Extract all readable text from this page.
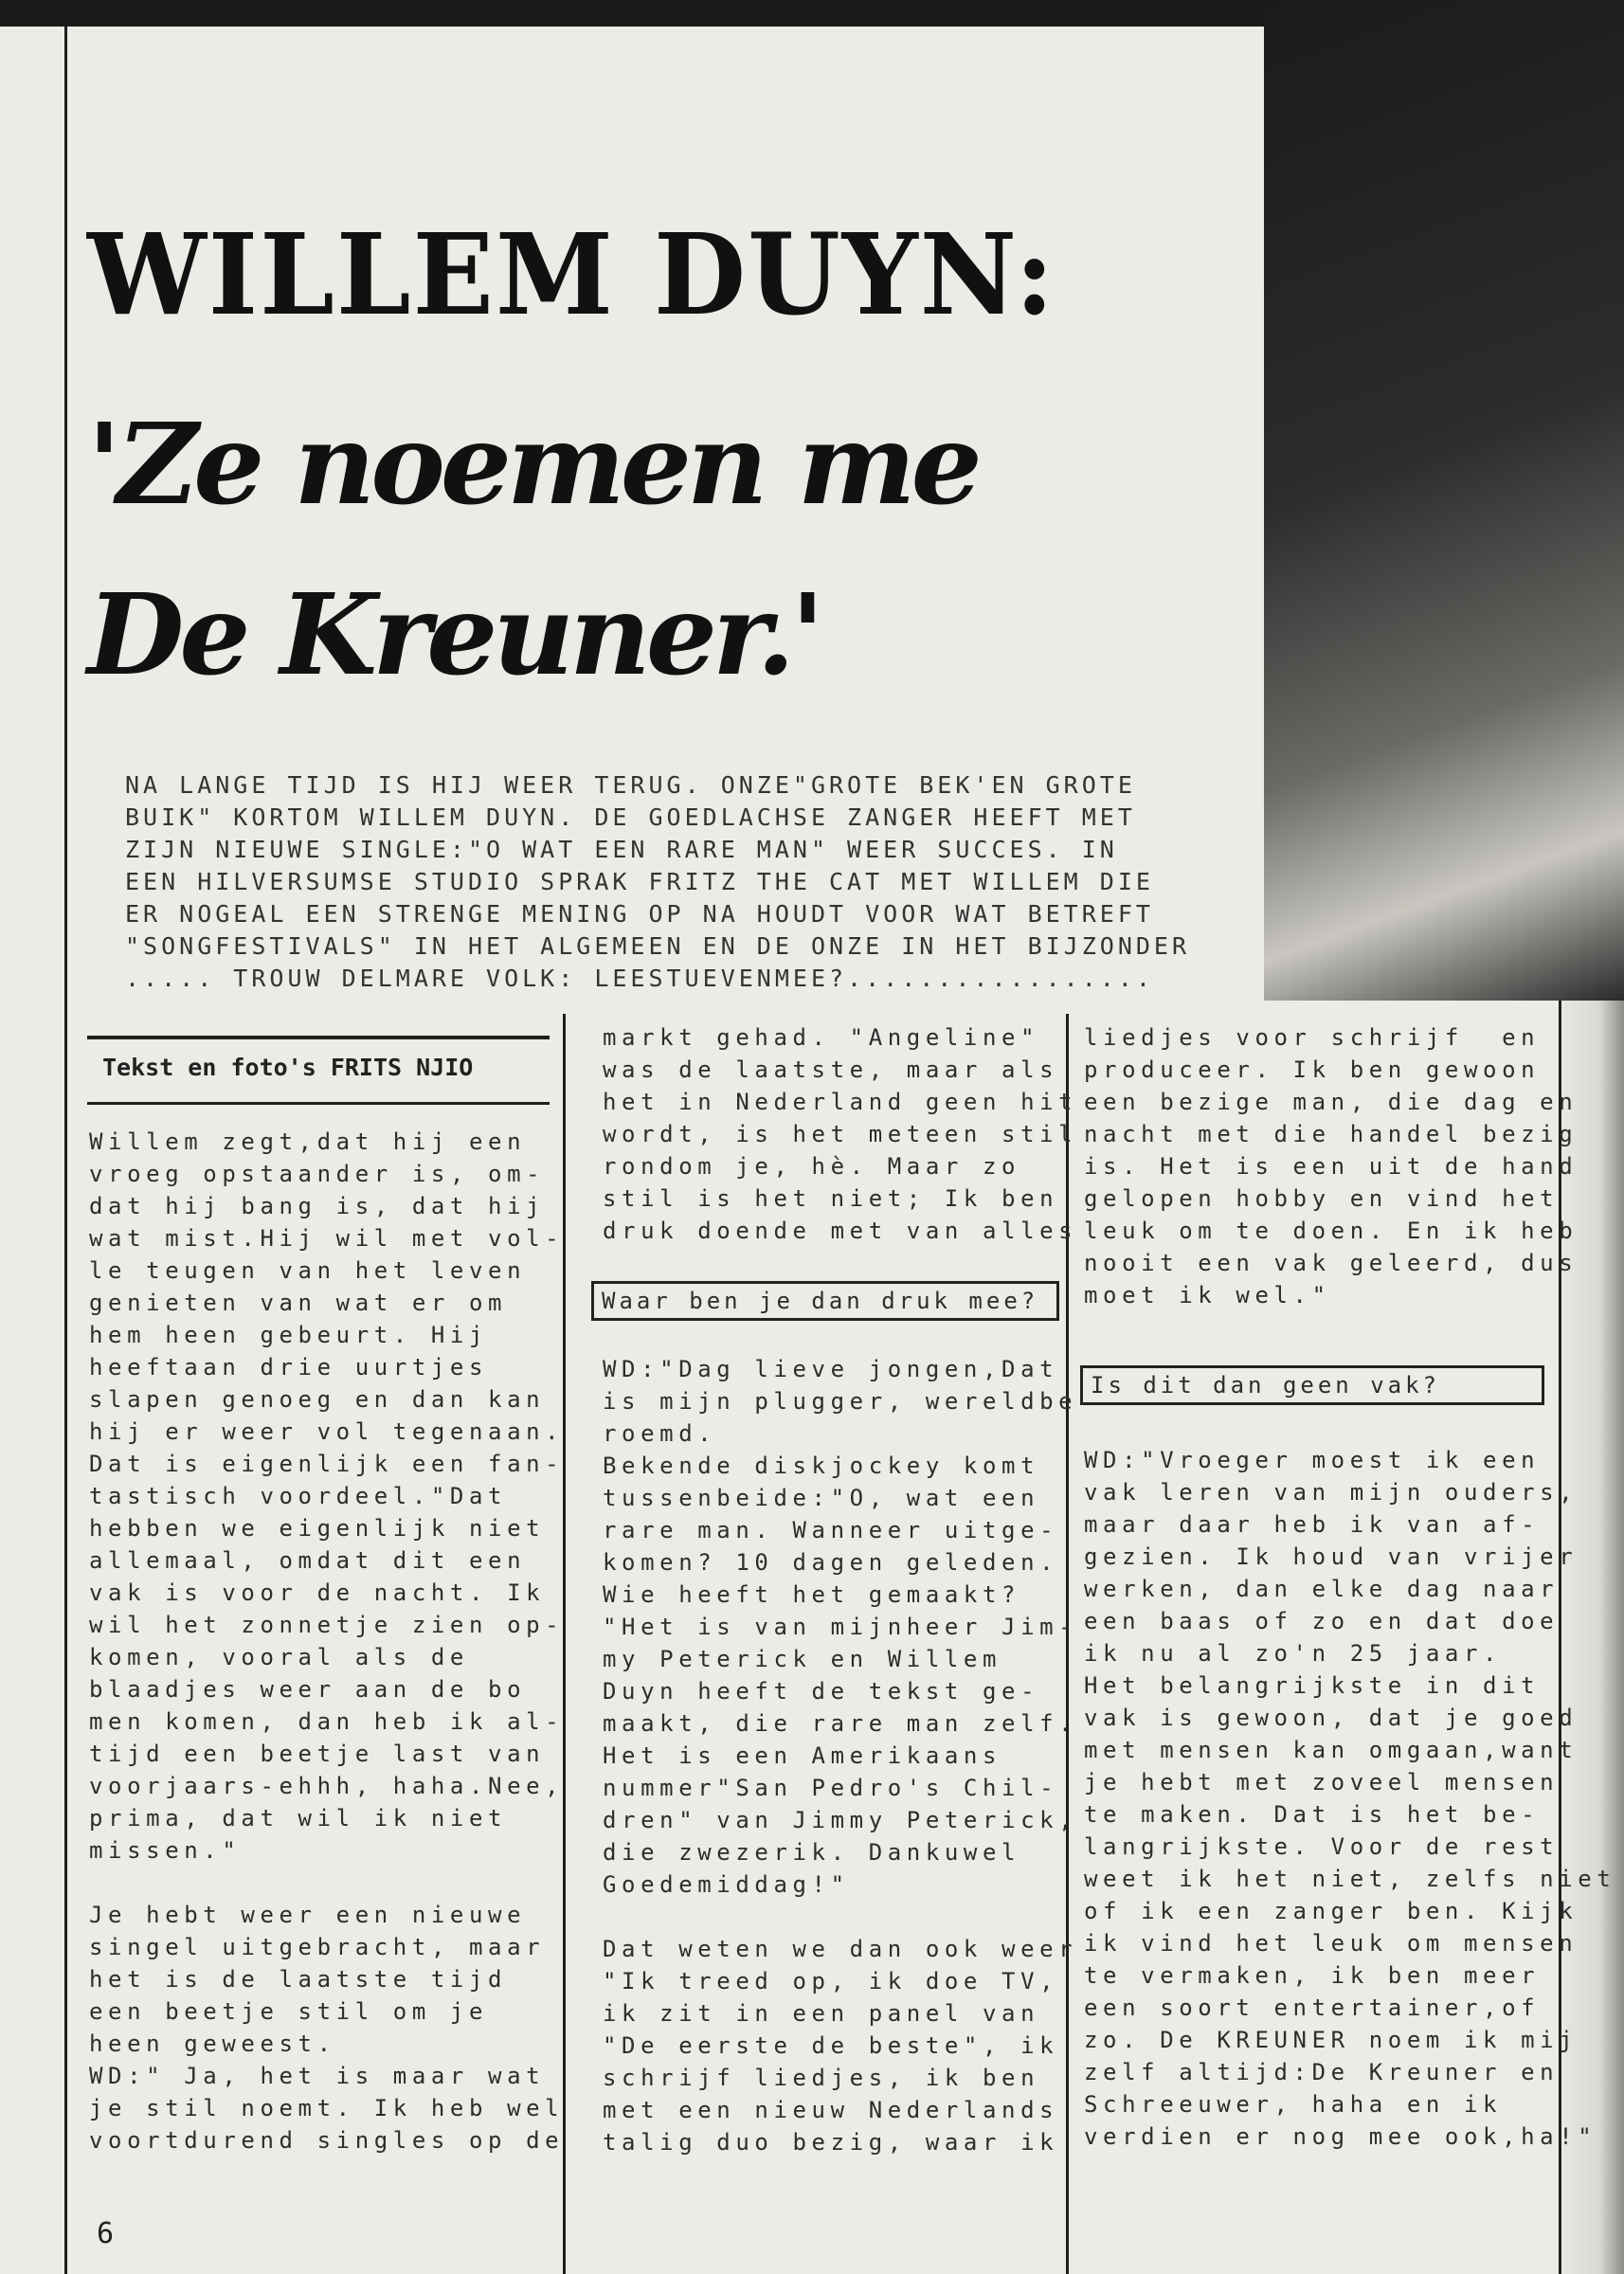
WILLEM DUYN:
'Ze noemen me
De Kreuner.'
NA LANGE TIJD IS HIJ WEER TERUG. ONZE"GROTE BEK'EN GROTE
BUIK" KORTOM WILLEM DUYN. DE GOEDLACHSE ZANGER HEEFT MET
ZIJN NIEUWE SINGLE:"O WAT EEN RARE MAN" WEER SUCCES. IN
EEN HILVERSUMSE STUDIO SPRAK FRITZ THE CAT MET WILLEM DIE
ER NOGEAL EEN STRENGE MENING OP NA HOUDT VOOR WAT BETREFT
"SONGFESTIVALS" IN HET ALGEMEEN EN DE ONZE IN HET BIJZONDER
..... TROUW DELMARE VOLK: LEESTUEVENMEE?.................
Tekst en foto's FRITS NJIO
Willem zegt,dat hij een
vroeg opstaander is, om-
dat hij bang is, dat hij
wat mist.Hij wil met vol-
le teugen van het leven
genieten van wat er om
hem heen gebeurt. Hij
heeftaan drie uurtjes
slapen genoeg en dan kan
hij er weer vol tegenaan.
Dat is eigenlijk een fan-
tastisch voordeel."Dat
hebben we eigenlijk niet
allemaal, omdat dit een
vak is voor de nacht. Ik
wil het zonnetje zien op-
komen, vooral als de
blaadjes weer aan de bo
men komen, dan heb ik al-
tijd een beetje last van
voorjaars-ehhh, haha.Nee,
prima, dat wil ik niet
missen."
Je hebt weer een nieuwe
singel uitgebracht, maar
het is de laatste tijd
een beetje stil om je
heen geweest.
WD:" Ja, het is maar wat
je stil noemt. Ik heb wel
voortdurend singles op de
markt gehad. "Angeline"
was de laatste, maar als
het in Nederland geen hit
wordt, is het meteen stil
rondom je, hè. Maar zo
stil is het niet; Ik ben
druk doende met van alles
Waar ben je dan druk mee?
WD:"Dag lieve jongen,Dat
is mijn plugger, wereldbe
roemd.
Bekende diskjockey komt
tussenbeide:"O, wat een
rare man. Wanneer uitge-
komen? 10 dagen geleden.
Wie heeft het gemaakt?
"Het is van mijnheer Jim-
my Peterick en Willem
Duyn heeft de tekst ge-
maakt, die rare man zelf.
Het is een Amerikaans
nummer"San Pedro's Chil-
dren" van Jimmy Peterick,
die zwezerik. Dankuwel
Goedemiddag!"
Dat weten we dan ook weer
"Ik treed op, ik doe TV,
ik zit in een panel van
"De eerste de beste", ik
schrijf liedjes, ik ben
met een nieuw Nederlands
talig duo bezig, waar ik
liedjes voor schrijf  en
produceer. Ik ben gewoon
een bezige man, die dag en
nacht met die handel bezig
is. Het is een uit de hand
gelopen hobby en vind het
leuk om te doen. En ik heb
nooit een vak geleerd, dus
moet ik wel."
Is dit dan geen vak?
WD:"Vroeger moest ik een
vak leren van mijn ouders,
maar daar heb ik van af-
gezien. Ik houd van vrijer
werken, dan elke dag naar
een baas of zo en dat doe
ik nu al zo'n 25 jaar.
Het belangrijkste in dit
vak is gewoon, dat je goed
met mensen kan omgaan,want
je hebt met zoveel mensen
te maken. Dat is het be-
langrijkste. Voor de rest
weet ik het niet, zelfs niet
of ik een zanger ben. Kijk
ik vind het leuk om mensen
te vermaken, ik ben meer
een soort entertainer,of
zo. De KREUNER noem ik mij
zelf altijd:De Kreuner en
Schreeuwer, haha en ik
verdien er nog mee ook,ha!"
6
